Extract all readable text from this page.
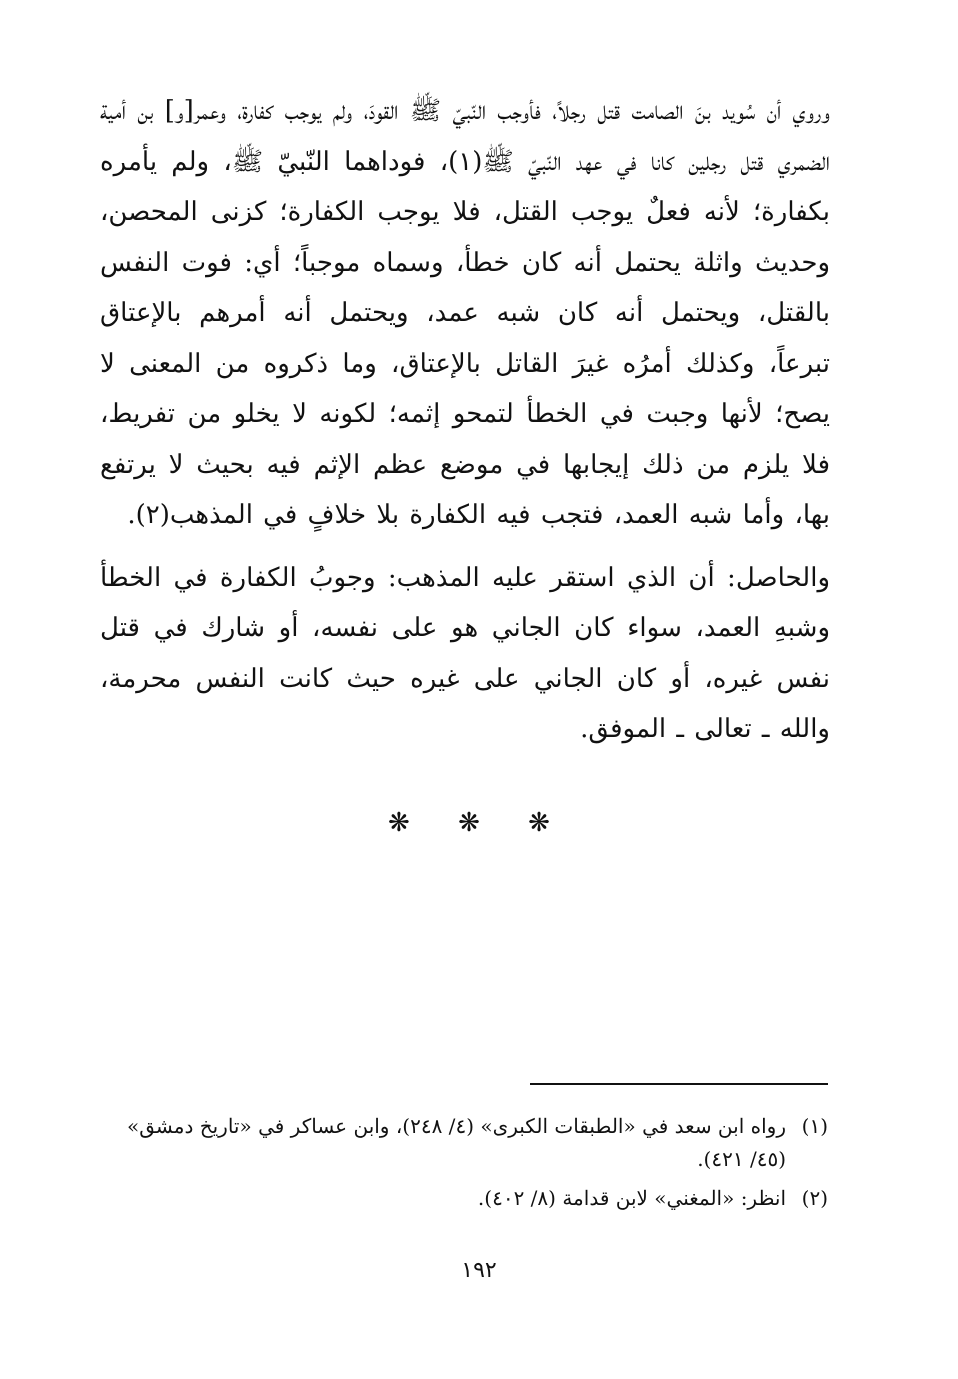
وروي أن سُويد بنَ الصامت قتل رجلاً، فأوجب النّبيّ ﷺ القودَ، ولم يوجب كفارة، وعمر[و] بن أمية الضمري قتل رجلين كانا في عهد النّبيّ ﷺ(١)، فوداهما النّبيّ ﷺ، ولم يأمره بكفارة؛ لأنه فعلٌ يوجب القتل، فلا يوجب الكفارة؛ كزنى المحصن، وحديث واثلة يحتمل أنه كان خطأ، وسماه موجباً؛ أي: فوت النفس بالقتل، ويحتمل أنه كان شبه عمد، ويحتمل أنه أمرهم بالإعتاق تبرعاً، وكذلك أمرُه غيرَ القاتل بالإعتاق، وما ذكروه من المعنى لا يصح؛ لأنها وجبت في الخطأ لتمحو إثمه؛ لكونه لا يخلو من تفريط، فلا يلزم من ذلك إيجابها في موضع عظم الإثم فيه بحيث لا يرتفع بها، وأما شبه العمد، فتجب فيه الكفارة بلا خلافٍ في المذهب(٢).

والحاصل: أن الذي استقر عليه المذهب: وجوبُ الكفارة في الخطأ وشبهِ العمد، سواء كان الجاني هو على نفسه، أو شارك في قتل نفس غيره، أو كان الجاني على غيره حيث كانت النفس محرمة، والله ـ تعالى ـ الموفق.

❋ ❋ ❋
(١)
رواه ابن سعد في «الطبقات الكبرى» (٤/ ٢٤٨)، وابن عساكر في «تاريخ دمشق» (٤٥/ ٤٢١).
(٢)
انظر: «المغني» لابن قدامة (٨/ ٤٠٢).
١٩٢
